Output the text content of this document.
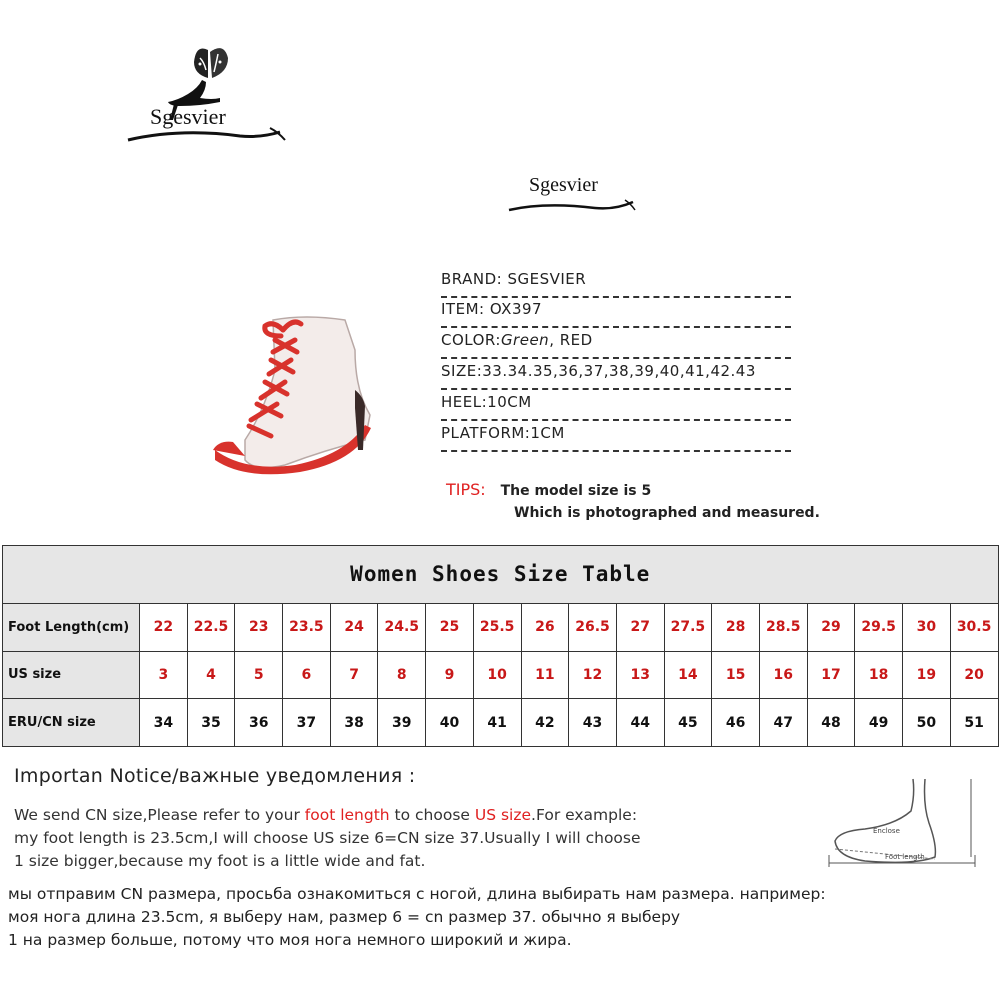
Sgesvier
Sgesvier
BRAND: SGESVIER
ITEM: OX397
COLOR:Green, RED
SIZE:33.34.35,36,37,38,39,40,41,42.43
HEEL:10CM
PLATFORM:1CM
TIPS: The model size is 5
Which is photographed and measured.
Women Shoes Size Table																		
Foot Length(cm)	22	22.5	23	23.5	24	24.5	25	25.5	26	26.5	27	27.5	28	28.5	29	29.5	30	30.5
US size	3	4	5	6	7	8	9	10	11	12	13	14	15	16	17	18	19	20
ERU/CN size	34	35	36	37	38	39	40	41	42	43	44	45	46	47	48	49	50	51
Importan Notice/важные уведомления :
We send CN size,Please refer to your foot length to choose US size.For example:
my foot length is 23.5cm,I will choose US size 6=CN size 37.Usually I will choose
1 size bigger,because my foot is a little wide and fat.
Enclose
Foot length
мы отправим CN размера, просьба ознакомиться с ногой, длина выбирать нам размера. например:
моя нога длина 23.5cm, я выберу нам, размер 6 = cn размер 37. обычно я выберу
1 на размер больше, потому что моя нога немного широкий и жира.
